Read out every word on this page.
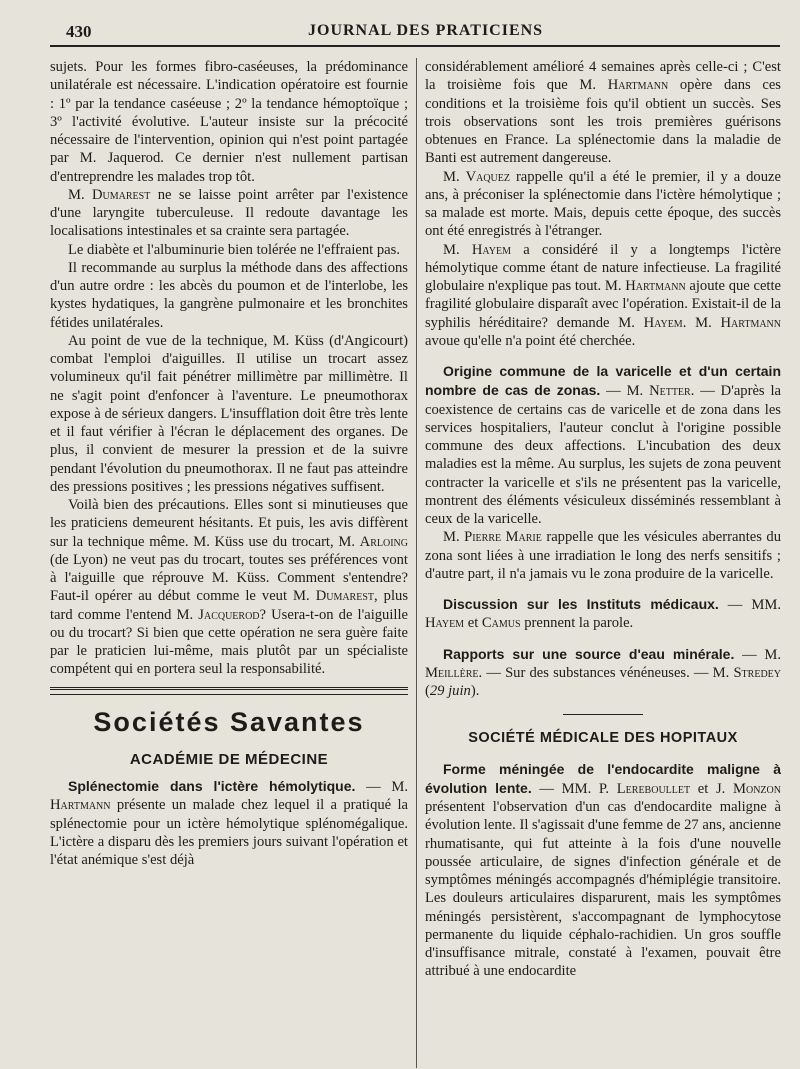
430	JOURNAL DES PRATICIENS

sujets. Pour les formes fibro-caséeuses, la prédominance unilatérale est nécessaire. L'indication opératoire est fournie : 1º par la tendance caséeuse ; 2º la tendance hémoptoïque ; 3º l'activité évolutive. L'auteur insiste sur la précocité nécessaire de l'intervention, opinion qui n'est point partagée par M. Jaquerod. Ce dernier n'est nullement partisan d'entreprendre les malades trop tôt.

M. Dumarest ne se laisse point arrêter par l'existence d'une laryngite tuberculeuse. Il redoute davantage les localisations intestinales et sa crainte sera partagée.

Le diabète et l'albuminurie bien tolérée ne l'effraient pas.

Il recommande au surplus la méthode dans des affections d'un autre ordre : les abcès du poumon et de l'interlobe, les kystes hydatiques, la gangrène pulmonaire et les bronchites fétides unilatérales.

Au point de vue de la technique, M. Küss (d'Angicourt) combat l'emploi d'aiguilles. Il utilise un trocart assez volumineux qu'il fait pénétrer millimètre par millimètre. Il ne s'agit point d'enfoncer à l'aventure. Le pneumothorax expose à de sérieux dangers. L'insufflation doit être très lente et il faut vérifier à l'écran le déplacement des organes. De plus, il convient de mesurer la pression et de la suivre pendant l'évolution du pneumothorax. Il ne faut pas atteindre des pressions positives ; les pressions négatives suffisent.

Voilà bien des précautions. Elles sont si minutieuses que les praticiens demeurent hésitants. Et puis, les avis diffèrent sur la technique même. M. Küss use du trocart, M. Arloing (de Lyon) ne veut pas du trocart, toutes ses préférences vont à l'aiguille que réprouve M. Küss. Comment s'entendre? Faut-il opérer au début comme le veut M. Dumarest, plus tard comme l'entend M. Jacquerod? Usera-t-on de l'aiguille ou du trocart? Si bien que cette opération ne sera guère faite par le praticien lui-même, mais plutôt par un spécialiste compétent qui en portera seul la responsabilité.

Sociétés Savantes
ACADÉMIE DE MÉDECINE

Splénectomie dans l'ictère hémolytique. — M. Hartmann présente un malade chez lequel il a pratiqué la splénectomie pour un ictère hémolytique splénomégalique. L'ictère a disparu dès les premiers jours suivant l'opération et l'état anémique s'est déjà

considérablement amélioré 4 semaines après celle-ci ; C'est la troisième fois que M. Hartmann opère dans ces conditions et la troisième fois qu'il obtient un succès. Ses trois observations sont les trois premières guérisons obtenues en France. La splénectomie dans la maladie de Banti est autrement dangereuse.

M. Vaquez rappelle qu'il a été le premier, il y a douze ans, à préconiser la splénectomie dans l'ictère hémolytique ; sa malade est morte. Mais, depuis cette époque, des succès ont été enregistrés à l'étranger.

M. Hayem a considéré il y a longtemps l'ictère hémolytique comme étant de nature infectieuse. La fragilité globulaire n'explique pas tout. M. Hartmann ajoute que cette fragilité globulaire disparaît avec l'opération. Existait-il de la syphilis héréditaire? demande M. Hayem. M. Hartmann avoue qu'elle n'a point été cherchée.

Origine commune de la varicelle et d'un certain nombre de cas de zonas. — M. Netter. — D'après la coexistence de certains cas de varicelle et de zona dans les services hospitaliers, l'auteur conclut à l'origine possible commune des deux affections. L'incubation des deux maladies est la même. Au surplus, les sujets de zona peuvent contracter la varicelle et s'ils ne présentent pas la varicelle, montrent des éléments vésiculeux disséminés ressemblant à ceux de la varicelle.

M. Pierre Marie rappelle que les vésicules aberrantes du zona sont liées à une irradiation le long des nerfs sensitifs ; d'autre part, il n'a jamais vu le zona produire de la varicelle.

Discussion sur les Instituts médicaux. — MM. Hayem et Camus prennent la parole.

Rapports sur une source d'eau minérale. — M. Meillère. — Sur des substances vénéneuses. — M. Stredey (29 juin).

SOCIÉTÉ MÉDICALE DES HOPITAUX

Forme méningée de l'endocardite maligne à évolution lente. — MM. P. Lereboullet et J. Monzon présentent l'observation d'un cas d'endocardite maligne à évolution lente. Il s'agissait d'une femme de 27 ans, ancienne rhumatisante, qui fut atteinte à la fois d'une nouvelle poussée articulaire, de signes d'infection générale et de symptômes méningés accompagnés d'hémiplégie transitoire. Les douleurs articulaires disparurent, mais les symptômes méningés persistèrent, s'accompagnant de lymphocytose permanente du liquide céphalo-rachidien. Un gros souffle d'insuffisance mitrale, constaté à l'examen, pouvait être attribué à une endocardite
